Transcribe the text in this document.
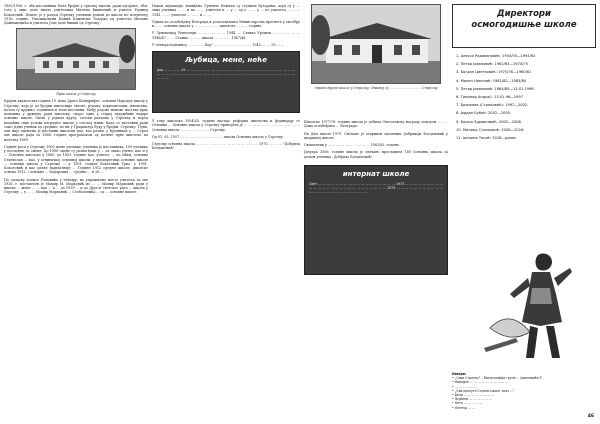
1900/1908. г. оба наставника боље бројна у српској школи, ради одгајање, због тога у опис доле иначе учитељица Милена Вишњевић и учитељ Радивој Кокотовић. Пошто је у радом Стрелиу ученици дошли до школе по испуњењу 1916. године. Училиштвени Божић Каменски Тодорко од учитеља Милана Дамњановића и учитеља Јоце доле бивши од Стрелиу.

Прва школа у Стрелиу

Крајем двадесетих година 19. века Драго Шандрифет, основан Народну школу у Стрелиу, која је до бројни школскије свеске, редова, хоризонтални, написана, потом су кружно, годинама и теме наставни. Међу редове њихове настава прва поможна у држању ради школску, скоро одна у старој задужбине најпре основне школе. Окош у једном кругу, сеоски радиона у Стрелиу и поред помоћни свих услова изградње школе у сеоској њиви. Када се наставни ради само једне ученик од средине, но ни у Градиштуа буду у бројни. Стрелиу. Тејна, али није оцењена је наставни школски рад, као разни, у Кремнице у ... Стрел ове школе рада за 1888. године програмском од потиче прве школске на почетку 1889.

Године рата у Стрелиу 1900 жене ученице, ученика је наставника, 100 ученика у последње за смене. До 1900 оцене су разни ђаци у ... за свако учење, као и у ... Основно школске у 1880. до 1893. године као, учител, ... на обим, основна Станислав ... као, у оснивачкој основној школи, у предпретима основне школе ... основна школа у Стрелиу ... у 1901. године Кокотовић Трко. у 1901. Кокотовић и као ратне најплатније ... Године 1912 средње школе, школске основа 1912. / основне ... Кадарских ... средње ... и 20 ...

По одласку Алексе Поповића у пензију, на упражњено место учитеља за ове 1926. г. постављен је Момир М. Марковић из ... ... Момир Марковић ради у школи ... жене ... ... као ... а ... до 1939 ... и до Другог светског рата ... школа у Стрелиу ... у ... ... Момир Марковић ... Стоболовића ... са ... основне школе.

Након окупације, невиђено Луневче Немачи су ступили Бугарима, који су у ... ових ученика ... ... и на ... ... учитеља и ... у ... од о ... ... у ... по учитеља ... ... ... 1941. ... ... учитеље ... ... ... и ... ...

Одмах по ослобођењу Београда и успостављања Министарства просвете у октобру и ... ... основна школа у ... ... ... ... ... ... школске ... ... ... године.

У Луневачкој Реписеији ... ... ... ... ... ... 1944. ... Станко Урошев ... ... ... ... ... ... 1946/47 ... ... Станко ... ... ... школа ... ... ... ... 1947/48.

У четворогодишњој ... ... ... ... Бор" ... ... ... ... ... ... ... ... ... 1945. ... ... 50 ... ...

Љубица, мене, неће

Још ... ... ... ... 19 ... ... ... ... ... ... ... ... ... ... ... ... ... ... ... ... ... ... ... ... ... ... ... ... ... ... ... ... ... ... ... ... ... ... ... ... ... ... ... ... ... ... ... ... ... ... ... ... ... ... ... ... ... ... ... ... ... ... ... ... ... ...

У току школске 1954/55. године настаје реформа школства и формирају се Основна ... Основна школа у Стрелиу припојена је ... ... ... ... ... ... ... ... ... ... ... ... ... Основна школа ... ... ... ... ... ... ... Стрелиу.

Од 01. 05. 1957. ... ... ... ... ... ... ... ... ... ... школи Основна школа у Стрелиу.

Стрелиу основна школа ... ... ... ... ... ... ... ... ... ... ... ... ... ... 1970. ... ... ... "Добрила Богдановић".

Зграда другог школе у Стрелиу. Оваквој су ... ... ... ... ... ... ... ... Стрелиу

Школске 1977/78. године школа је добила Светосавску награду поводом ... ... - Дана ослобођења ... Белграда.

На Дан школе 1979. Свечано је откривен споменик Добривоји Богдановић у дворишту школе.

Свештеник у ... ... ... ... ... ... ... ... ... ... 1982/83. године.

Јануара 2006. године школа је свечано прославила 160 Основна школа са домом ученика „Добрила Богдановић".

интернат школе

Свет ... ... ... ... ... ... ... ... ... ... ... ... ... ... ... ... ... ... 1973 ... ... ... ... ... ... ... ... ... ... ... ... ... ... ... ... ... ... ... ... ... ... ... ... ... ... ... 1979 ... ... ... ... ... ... ... ... ... ... ... ... ... ... ... ... ... ... ... ... ... ... ... ... ...

Директори
осмогодишње школе
1. Алекса Радовановић: 1954/55—1961/62
2. Петар Јовановић: 1962/63—1974/75
3. Богдан Цветковић: 1975/76—1980/81
4. Милан Николић: 1981/82—1983/84
5. Петар Јовановић: 1984/85—15.01.1996.
6. Тихомир Андреј.: 15.01.96—1997
7. Бранкова (Станковић): 1997—2002.
8. Јордан Бубић: 2002—2005.
9. Бошко Здравковић: 2005—2006.
10. Милица Станковић: 2006—2016.
11. Јасмина Тасић: 2016—данас
Извори:
• „Сави Стрелиу" – Монографија групе ... Јовановића Р.
• Народне ... ... ... ... ... ... ... ... ... ...
• ... ... ... ... ... ...
• „Сав кренуте Стрели нашег кроз ..."
• Вели ... ... ... ... ... ... ... ...
• Љубини ... ... ... ... ... ...
• Лето ... ... ... ... ...
• Легенд ... ...
46
